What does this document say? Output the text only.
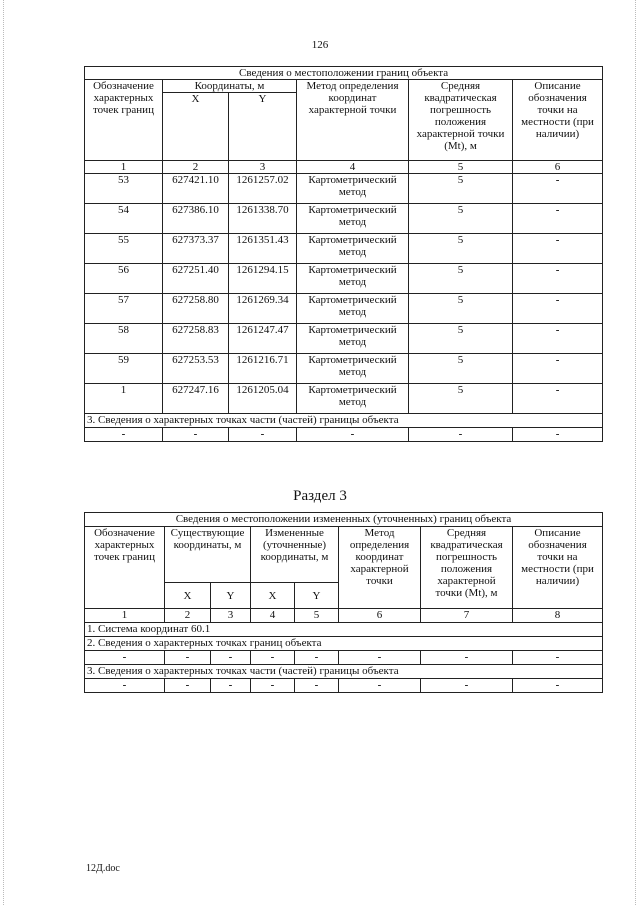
126
Сведения о местоположении границ объекта					
Обозначение характерных точек границ	Координаты, м		Метод определения координат характерной точки	Средняя квадратическая погрешность положения характерной точки (Mt), м	Описание обозначения точки на местности (при наличии)
	X	Y			
1	2	3	4	5	6
53	627421.10	1261257.02	Картометрический метод	5	-
54	627386.10	1261338.70	Картометрический метод	5	-
55	627373.37	1261351.43	Картометрический метод	5	-
56	627251.40	1261294.15	Картометрический метод	5	-
57	627258.80	1261269.34	Картометрический метод	5	-
58	627258.83	1261247.47	Картометрический метод	5	-
59	627253.53	1261216.71	Картометрический метод	5	-
1	627247.16	1261205.04	Картометрический метод	5	-
3. Сведения о характерных точках части (частей) границы объекта					
-	-	-	-	-	-
Раздел 3
Сведения о местоположении измененных (уточненных) границ объекта							
Обозначение характерных точек границ	Существующие координаты, м		Измененные (уточненные) координаты, м		Метод определения координат характерной точки	Средняя квадратическая погрешность положения характерной точки (Mt), м	Описание обозначения точки на местности (при наличии)
	X	Y	X	Y			
1	2	3	4	5	6	7	8
1. Система координат 60.1							
2. Сведения о характерных точках границ объекта							
-	-	-	-	-	-	-	-
3. Сведения о характерных точках части (частей) границы объекта							
-	-	-	-	-	-	-	-
12Д.doc
